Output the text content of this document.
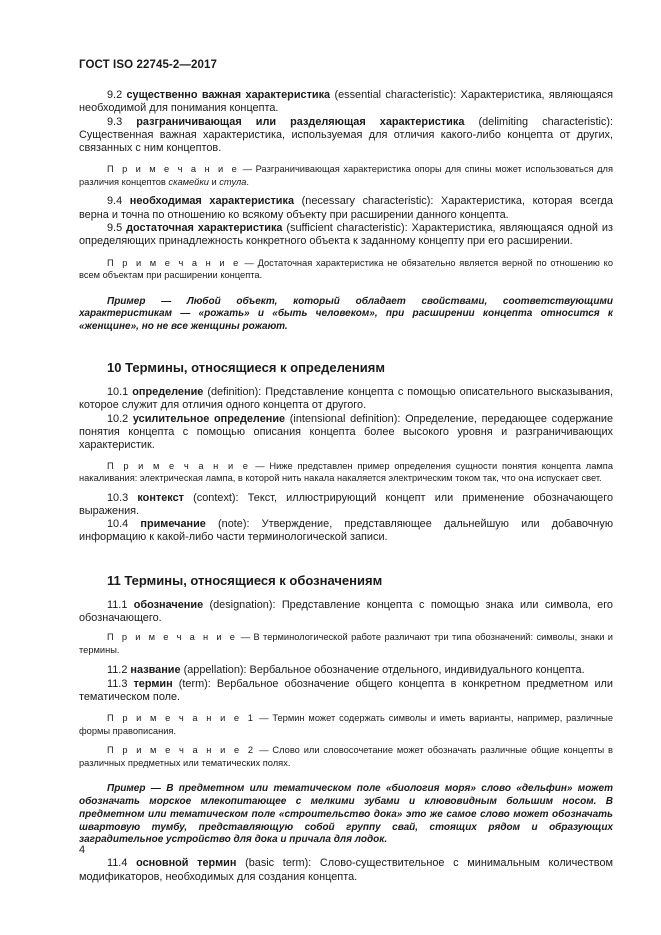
ГОСТ ISO 22745-2—2017

9.2 существенно важная характеристика (essential characteristic): Характеристика, являющаяся необходимой для понимания концепта.

9.3 разграничивающая или разделяющая характеристика (delimiting characteristic): Существенная важная характеристика, используемая для отличия какого-либо концепта от других, связанных с ним концептов.

П р и м е ч а н и е — Разграничивающая характеристика опоры для спины может использоваться для различия концептов скамейки и стула.

9.4 необходимая характеристика (necessary characteristic): Характеристика, которая всегда верна и точна по отношению ко всякому объекту при расширении данного концепта.

9.5 достаточная характеристика (sufficient characteristic): Характеристика, являющаяся одной из определяющих принадлежность конкретного объекта к заданному концепту при его расширении.

П р и м е ч а н и е — Достаточная характеристика не обязательно является верной по отношению ко всем объектам при расширении концепта.

Пример — Любой объект, который обладает свойствами, соответствующими характеристикам — «рожать» и «быть человеком», при расширении концепта относится к «женщине», но не все женщины рожают.

10 Термины, относящиеся к определениям

10.1 определение (definition): Представление концепта с помощью описательного высказывания, которое служит для отличия одного концепта от другого.

10.2 усилительное определение (intensional definition): Определение, передающее содержание понятия концепта с помощью описания концепта более высокого уровня и разграничивающих характеристик.

П р и м е ч а н и е — Ниже представлен пример определения сущности понятия концепта лампа накаливания: электрическая лампа, в которой нить накала накаляется электрическим током так, что она испускает свет.

10.3 контекст (context): Текст, иллюстрирующий концепт или применение обозначающего выражения.

10.4 примечание (note): Утверждение, представляющее дальнейшую или добавочную информацию к какой-либо части терминологической записи.

11 Термины, относящиеся к обозначениям

11.1 обозначение (designation): Представление концепта с помощью знака или символа, его обозначающего.

П р и м е ч а н и е — В терминологической работе различают три типа обозначений: символы, знаки и термины.

11.2 название (appellation): Вербальное обозначение отдельного, индивидуального концепта.

11.3 термин (term): Вербальное обозначение общего концепта в конкретном предметном или тематическом поле.

П р и м е ч а н и е 1 — Термин может содержать символы и иметь варианты, например, различные формы правописания.

П р и м е ч а н и е 2 — Слово или словосочетание может обозначать различные общие концепты в различных предметных или тематических полях.

Пример — В предметном или тематическом поле «биология моря» слово «дельфин» может обозначать морское млекопитающее с мелкими зубами и клювовидным большим носом. В предметном или тематическом поле «строительство дока» это же самое слово может обозначать швартовую тумбу, представляющую собой группу свай, стоящих рядом и образующих заградительное устройство для дока и причала для лодок.

11.4 основной термин (basic term): Слово-существительное с минимальным количеством модификаторов, необходимых для создания концепта.

4
